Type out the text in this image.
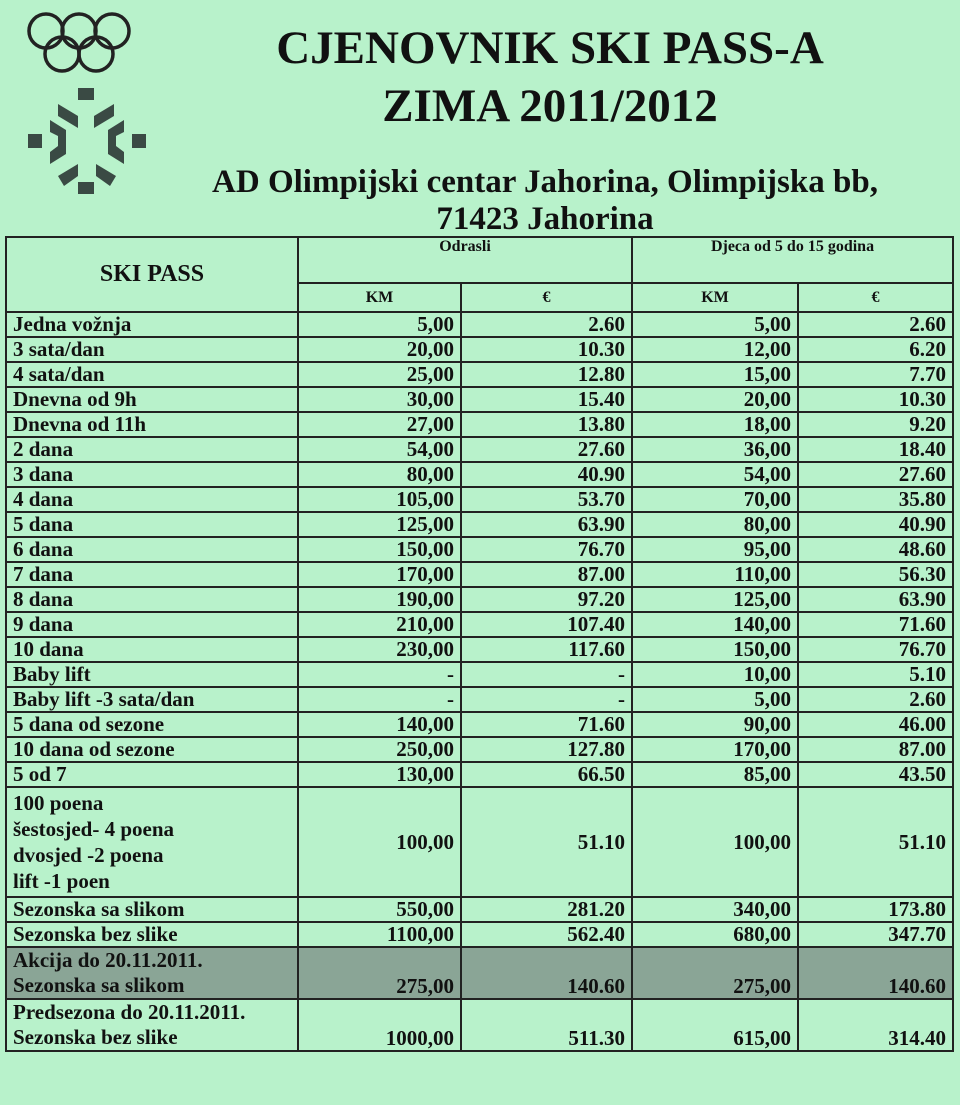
CJENOVNIK SKI PASS-A
ZIMA 2011/2012
AD Olimpijski centar Jahorina, Olimpijska bb,
71423 Jahorina
SKI PASS	Odrasli		Djeca od 5 do 15 godina	
	KM	€	KM	€
Jedna vožnja	5,00	2.60	5,00	2.60
3 sata/dan	20,00	10.30	12,00	6.20
4 sata/dan	25,00	12.80	15,00	7.70
Dnevna od 9h	30,00	15.40	20,00	10.30
Dnevna od 11h	27,00	13.80	18,00	9.20
2 dana	54,00	27.60	36,00	18.40
3 dana	80,00	40.90	54,00	27.60
4 dana	105,00	53.70	70,00	35.80
5 dana	125,00	63.90	80,00	40.90
6 dana	150,00	76.70	95,00	48.60
7 dana	170,00	87.00	110,00	56.30
8 dana	190,00	97.20	125,00	63.90
9 dana	210,00	107.40	140,00	71.60
10 dana	230,00	117.60	150,00	76.70
Baby lift	-	-	10,00	5.10
Baby lift -3 sata/dan	-	-	5,00	2.60
5 dana od sezone	140,00	71.60	90,00	46.00
10 dana od sezone	250,00	127.80	170,00	87.00
5 od 7	130,00	66.50	85,00	43.50
100 poena
šestosjed- 4 poena
dvosjed -2 poena
lift -1 poen	100,00	51.10	100,00	51.10
Sezonska sa slikom	550,00	281.20	340,00	173.80
Sezonska bez slike	1100,00	562.40	680,00	347.70
Akcija do 20.11.2011.
Sezonska sa slikom	275,00	140.60	275,00	140.60
Predsezona do 20.11.2011.
Sezonska bez slike	1000,00	511.30	615,00	314.40
